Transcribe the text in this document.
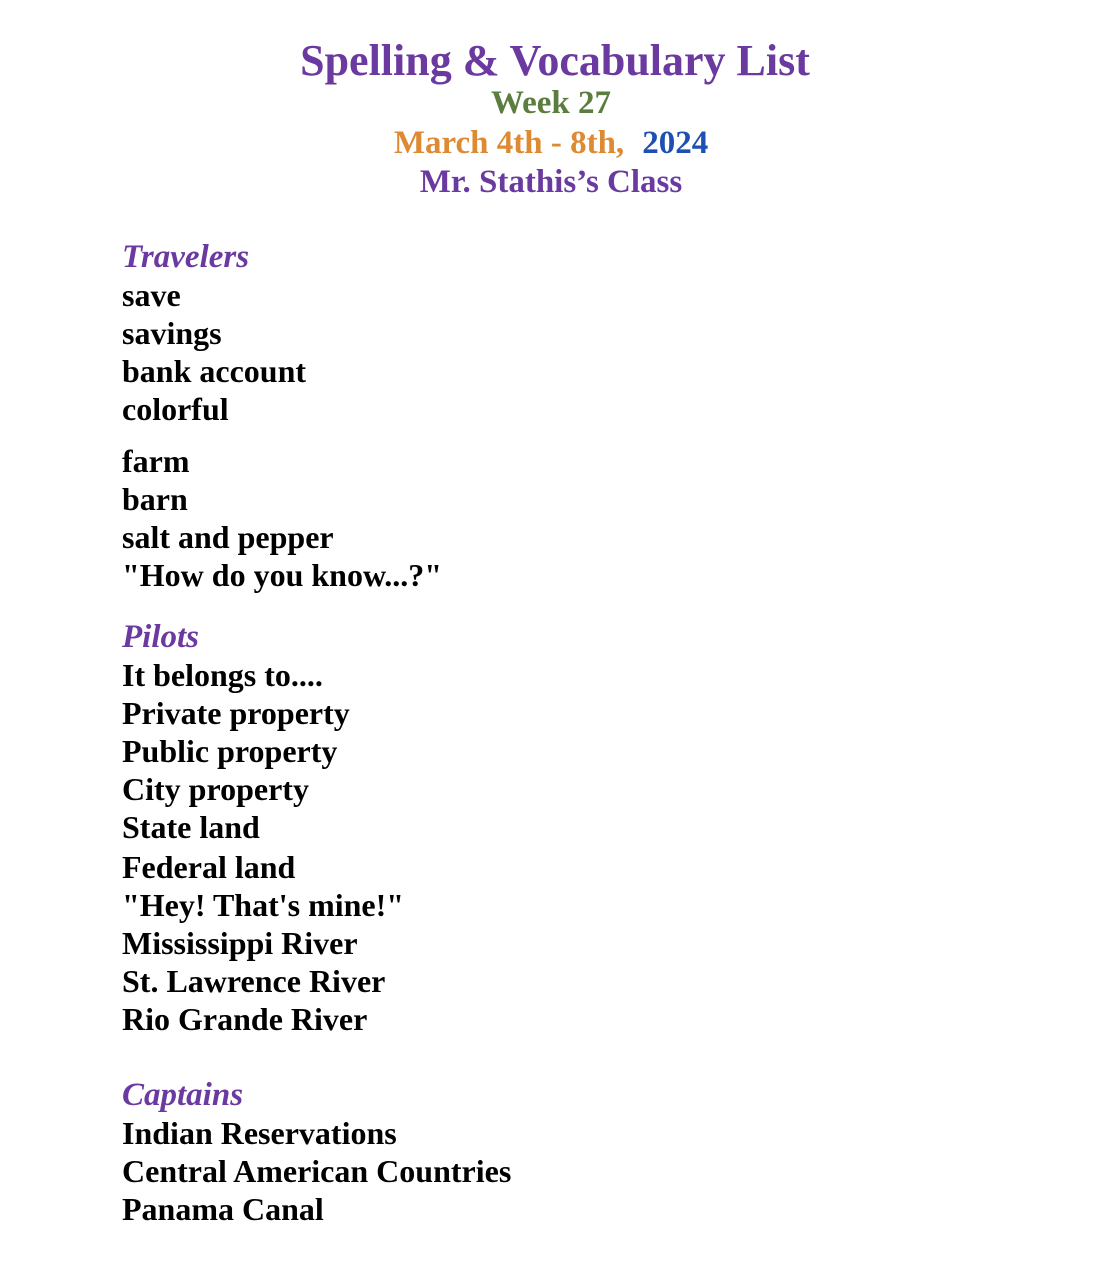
Spelling & Vocabulary List
Week 27
March 4th - 8th, 2024
Mr. Stathis’s Class
Travelers
save
savings
bank account
colorful
farm
barn
salt and pepper
"How do you know...?"
Pilots
It belongs to....
Private property
Public property
City property
State land
Federal land
"Hey! That's mine!"
Mississippi River
St. Lawrence River
Rio Grande River
Captains
Indian Reservations
Central American Countries
Panama Canal
